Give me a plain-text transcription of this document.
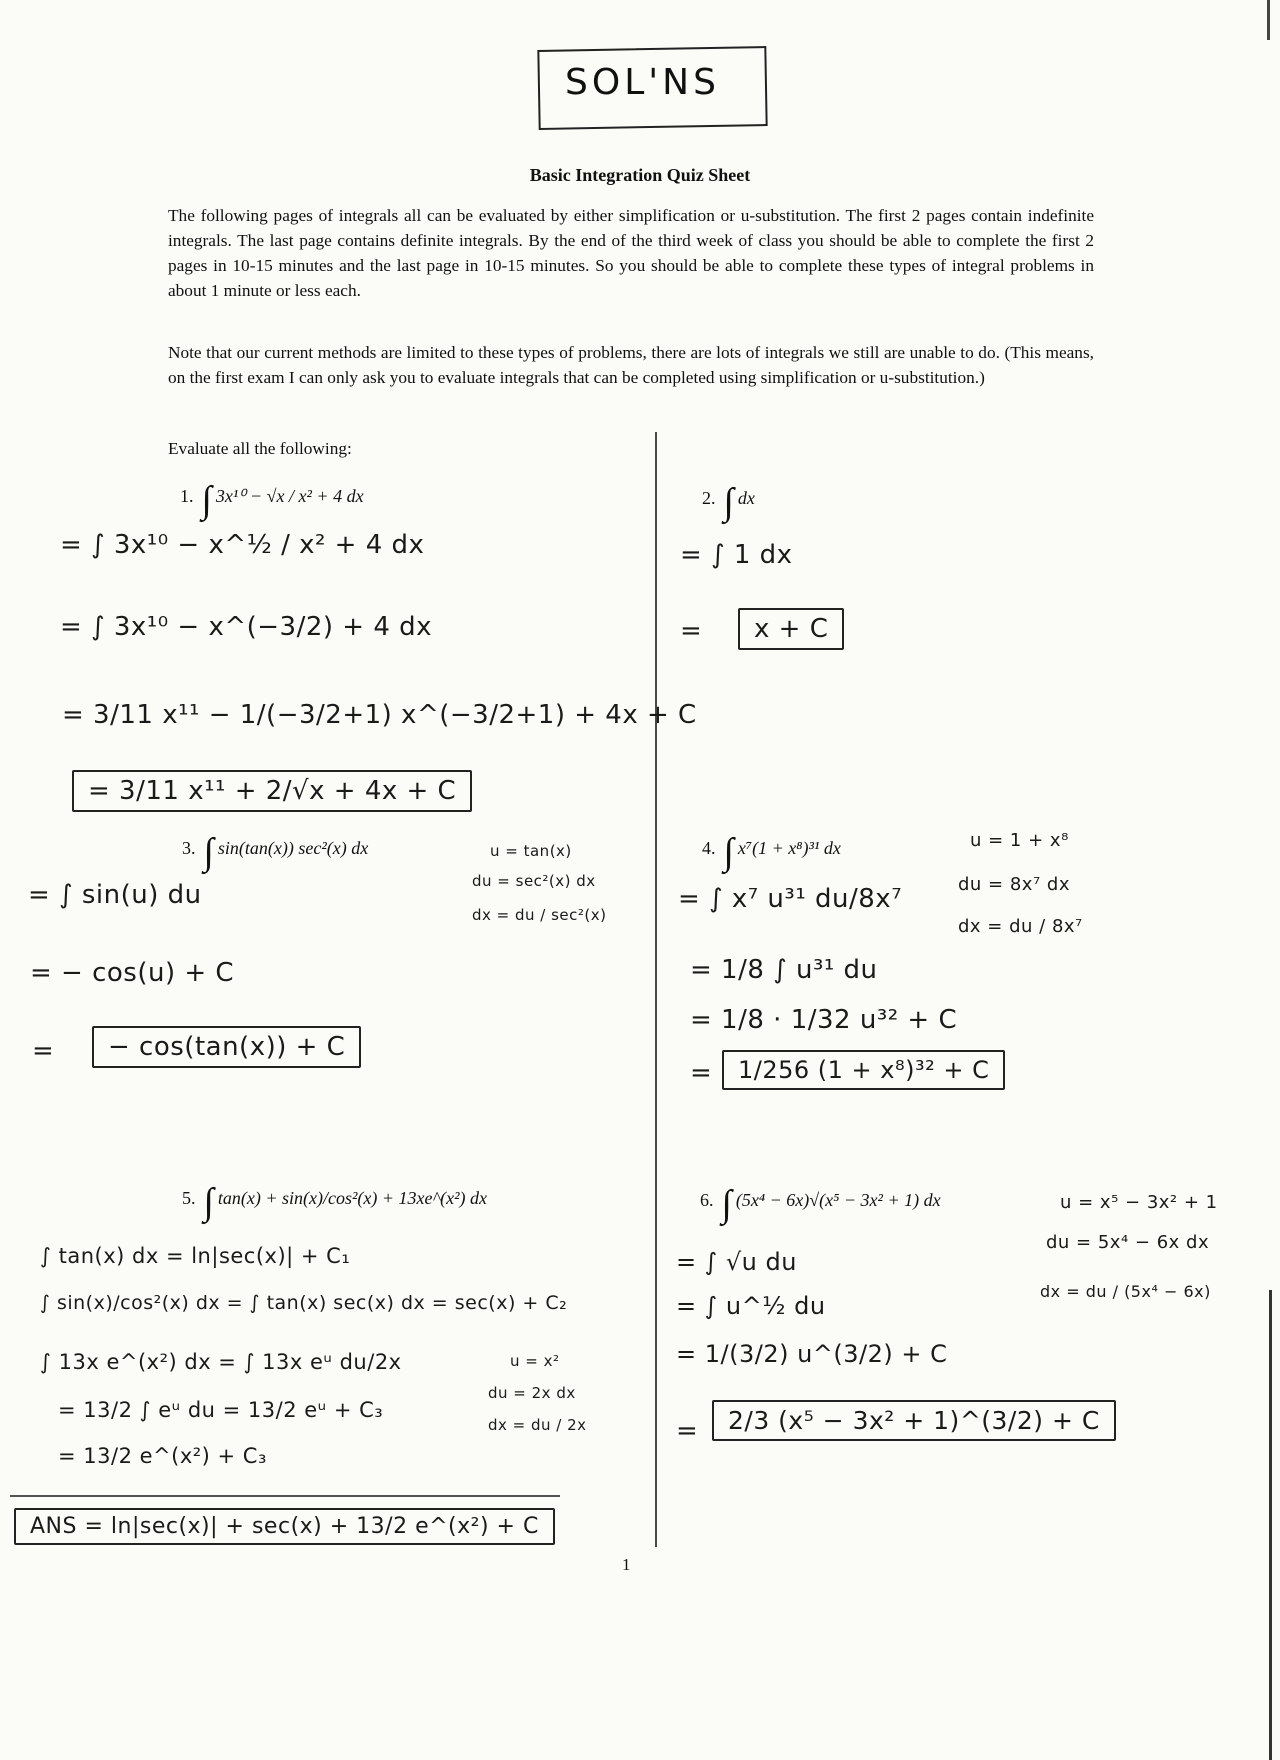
SOL'NS
Basic Integration Quiz Sheet

The following pages of integrals all can be evaluated by either simplification or u-substitution. The first 2 pages contain indefinite integrals. The last page contains definite integrals. By the end of the third week of class you should be able to complete the first 2 pages in 10-15 minutes and the last page in 10-15 minutes. So you should be able to complete these types of integral problems in about 1 minute or less each.

Note that our current methods are limited to these types of problems, there are lots of integrals we still are unable to do. (This means, on the first exam I can only ask you to evaluate integrals that can be completed using simplification or u-substitution.)

Evaluate all the following:

1. ∫ 3x¹⁰ − √x / x² + 4 dx
= ∫ 3x¹⁰ − x^½ / x² + 4 dx
= ∫ 3x¹⁰ − x^(−3/2) + 4 dx
= 3/11 x¹¹ − 1/(−3/2+1) x^(−3/2+1) + 4x + C
= 3/11 x¹¹ + 2/√x + 4x + C
2. ∫ dx
= ∫ 1 dx
=	x + C
3. ∫ sin(tan(x)) sec²(x) dx	u = tan(x)
du = sec²(x) dx
dx = du / sec²(x)
= ∫ sin(u) du
= − cos(u) + C
=	− cos(tan(x)) + C
4. ∫ x⁷(1 + x⁸)³¹ dx	u = 1 + x⁸
du = 8x⁷ dx
dx = du / 8x⁷
= ∫ x⁷ u³¹ du/8x⁷
= 1/8 ∫ u³¹ du
= 1/8 · 1/32 u³² + C
=	1/256 (1 + x⁸)³² + C
5. ∫ tan(x) + sin(x)/cos²(x) + 13xe^(x²) dx
∫ tan(x) dx = ln|sec(x)| + C₁
∫ sin(x)/cos²(x) dx = ∫ tan(x) sec(x) dx = sec(x) + C₂
∫ 13x e^(x²) dx = ∫ 13x eᵘ du/2x
= 13/2 ∫ eᵘ du = 13/2 eᵘ + C₃
= 13/2 e^(x²) + C₃
u = x²
du = 2x dx
dx = du / 2x
ANS = ln|sec(x)| + sec(x) + 13/2 e^(x²) + C
6. ∫ (5x⁴ − 6x)√(x⁵ − 3x² + 1) dx	u = x⁵ − 3x² + 1
du = 5x⁴ − 6x dx
dx = du / (5x⁴ − 6x)
= ∫ √u du
= ∫ u^½ du
= 1/(3/2) u^(3/2) + C
=	2/3 (x⁵ − 3x² + 1)^(3/2) + C
1
